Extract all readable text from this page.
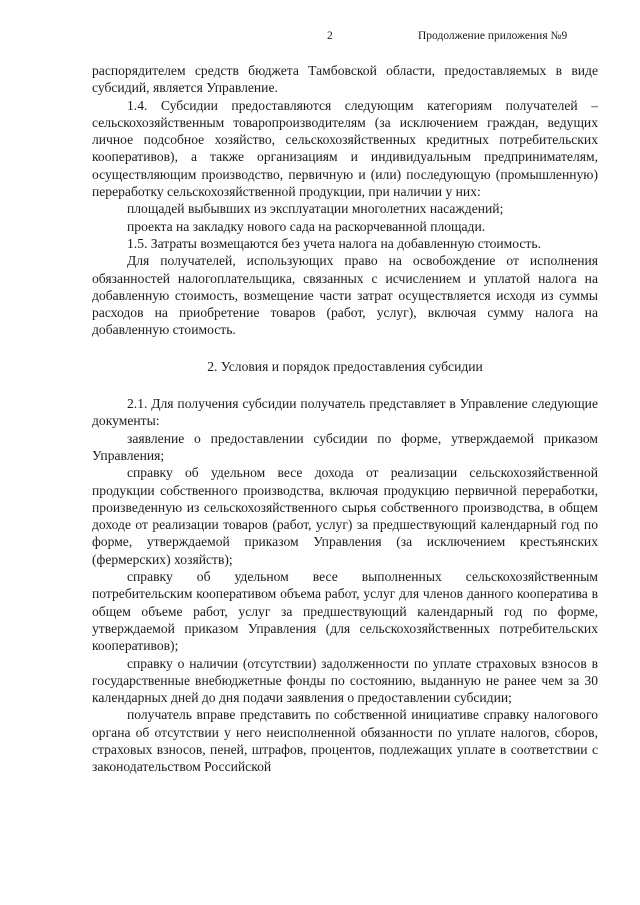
2	Продолжение приложения №9

распорядителем средств бюджета Тамбовской области, предоставляемых в виде субсидий, является Управление.

1.4. Субсидии предоставляются следующим категориям получателей – сельскохозяйственным товаропроизводителям (за исключением граждан, ведущих личное подсобное хозяйство, сельскохозяйственных кредитных потребительских кооперативов), а также организациям и индивидуальным предпринимателям, осуществляющим производство, первичную и (или) последующую (промышленную) переработку сельскохозяйственной продукции, при наличии у них:

площадей выбывших из эксплуатации многолетних насаждений;

проекта на закладку нового сада на раскорчеванной площади.

1.5. Затраты возмещаются без учета налога на добавленную стоимость.

Для получателей, использующих право на освобождение от исполнения обязанностей налогоплательщика, связанных с исчислением и уплатой налога на добавленную стоимость, возмещение части затрат осуществляется исходя из суммы расходов на приобретение товаров (работ, услуг), включая сумму налога на добавленную стоимость.

2. Условия и порядок предоставления субсидии

2.1. Для получения субсидии получатель представляет в Управление следующие документы:

заявление о предоставлении субсидии по форме, утверждаемой приказом Управления;

справку об удельном весе дохода от реализации сельскохозяйственной продукции собственного производства, включая продукцию первичной переработки, произведенную из сельскохозяйственного сырья собственного производства, в общем доходе от реализации товаров (работ, услуг) за предшествующий календарный год по форме, утверждаемой приказом Управления (за исключением крестьянских (фермерских) хозяйств);

справку об удельном весе выполненных сельскохозяйственным потребительским кооперативом объема работ, услуг для членов данного кооператива в общем объеме работ, услуг за предшествующий календарный год по форме, утверждаемой приказом Управления (для сельскохозяйственных потребительских кооперативов);

справку о наличии (отсутствии) задолженности по уплате страховых взносов в государственные внебюджетные фонды по состоянию, выданную не ранее чем за 30 календарных дней до дня подачи заявления о предоставлении субсидии;

получатель вправе представить по собственной инициативе справку налогового органа об отсутствии у него неисполненной обязанности по уплате налогов, сборов, страховых взносов, пеней, штрафов, процентов, подлежащих уплате в соответствии с законодательством Российской
